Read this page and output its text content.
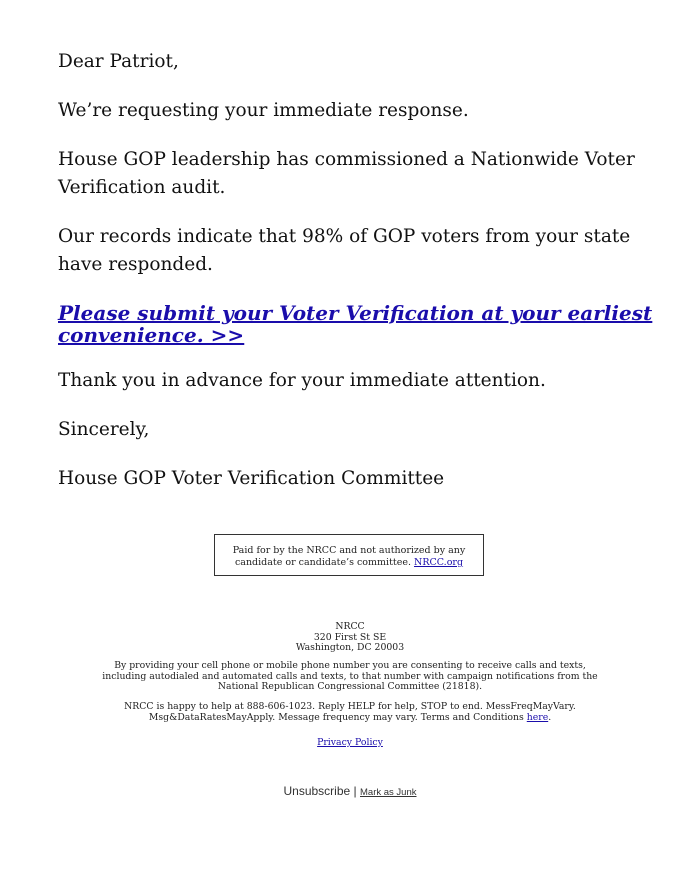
Dear Patriot,

We’re requesting your immediate response.

House GOP leadership has commissioned a Nationwide Voter Verification audit.

Our records indicate that 98% of GOP voters from your state have responded.

Please submit your Voter Verification at your earliest convenience. >>

Thank you in advance for your immediate attention.

Sincerely,

House GOP Voter Verification Committee

Paid for by the NRCC and not authorized by any candidate or candidate’s committee. NRCC.org
NRCC
320 First St SE
Washington, DC 20003
By providing your cell phone or mobile phone number you are consenting to receive calls and texts, including autodialed and automated calls and texts, to that number with campaign notifications from the National Republican Congressional Committee (21818).
NRCC is happy to help at 888-606-1023. Reply HELP for help, STOP to end. MessFreqMayVary. Msg&DataRatesMayApply. Message frequency may vary. Terms and Conditions here.
Privacy Policy
Unsubscribe | Mark as Junk
